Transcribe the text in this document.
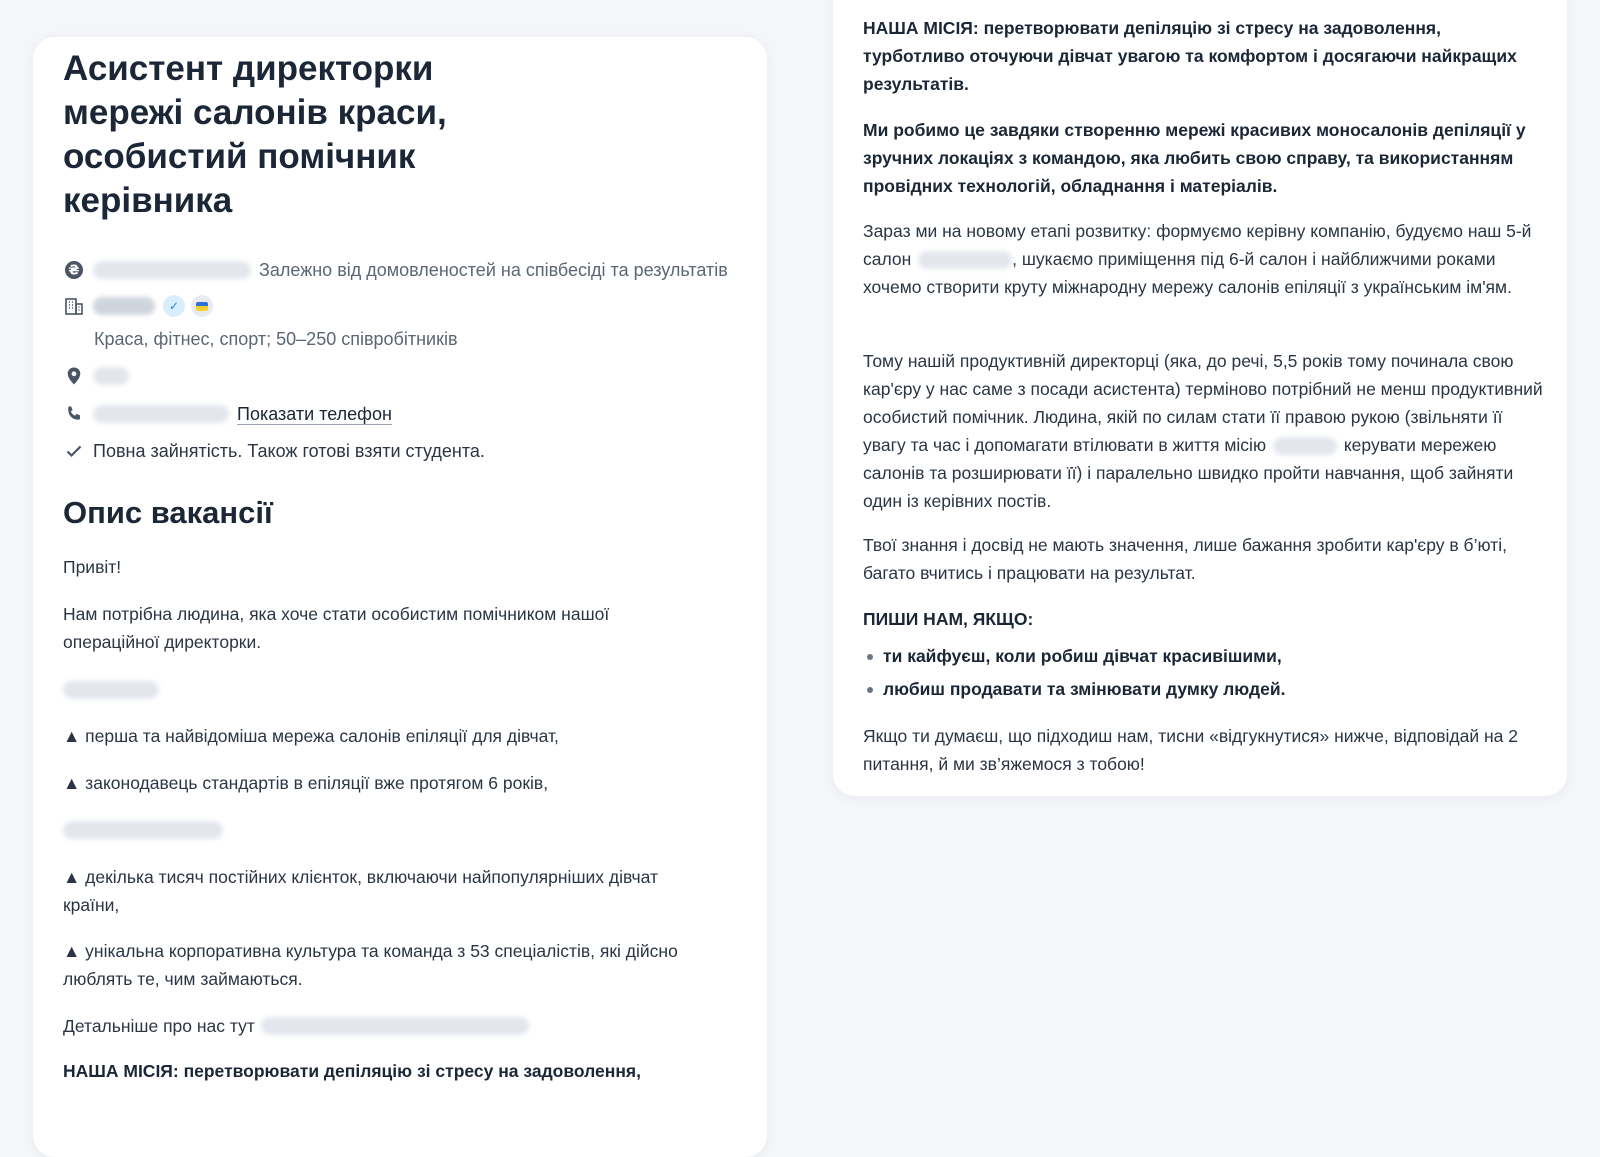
Асистент директорки мережі салонів краси, особистий помічник керівника
₴	Залежно від домовленостей на співбесіді та результатів
✓
Краса, фітнес, спорт; 50–250 співробітників
Показати телефон
Повна зайнятість. Також готові взяти студента.
Опис вакансії
Привіт!
Нам потрібна людина, яка хоче стати особистим помічником нашої операційної директорки.
▲ перша та найвідоміша мережа салонів епіляції для дівчат,
▲ законодавець стандартів в епіляції вже протягом 6 років,
▲ декілька тисяч постійних клієнток, включаючи найпопулярніших дівчат країни,
▲ унікальна корпоративна культура та команда з 53 спеціалістів, які дійсно люблять те, чим займаються.
Детальніше про нас тут
НАША МІСІЯ: перетворювати депіляцію зі стресу на задоволення,
НАША МІСІЯ: перетворювати депіляцію зі стресу на задоволення, турботливо оточуючи дівчат увагою та комфортом і досягаючи найкращих результатів.
Ми робимо це завдяки створенню мережі красивих моносалонів депіляції у зручних локаціях з командою, яка любить свою справу, та використанням провідних технологій, обладнання і матеріалів.
Зараз ми на новому етапі розвитку: формуємо керівну компанію, будуємо наш 5-й салон	, шукаємо приміщення під 6-й салон і найближчими роками хочемо створити круту міжнародну мережу салонів епіляції з українським ім'ям.
Тому нашій продуктивній директорці (яка, до речі, 5,5 років тому починала свою кар'єру у нас саме з посади асистента) терміново потрібний не менш продуктивний особистий помічник. Людина, якій по силам стати її правою рукою (звільняти її увагу та час і допомагати втілювати в життя місію	керувати мережею салонів та розширювати її) і паралельно швидко пройти навчання, щоб зайняти один із керівних постів.
Твої знання і досвід не мають значення, лише бажання зробити кар'єру в б’юті, багато вчитись і працювати на результат.
ПИШИ НАМ, ЯКЩО:
ти кайфуєш, коли робиш дівчат красивішими,
любиш продавати та змінювати думку людей.
Якщо ти думаєш, що підходиш нам, тисни «відгукнутися» нижче, відповідай на 2 питання, й ми зв’яжемося з тобою!
